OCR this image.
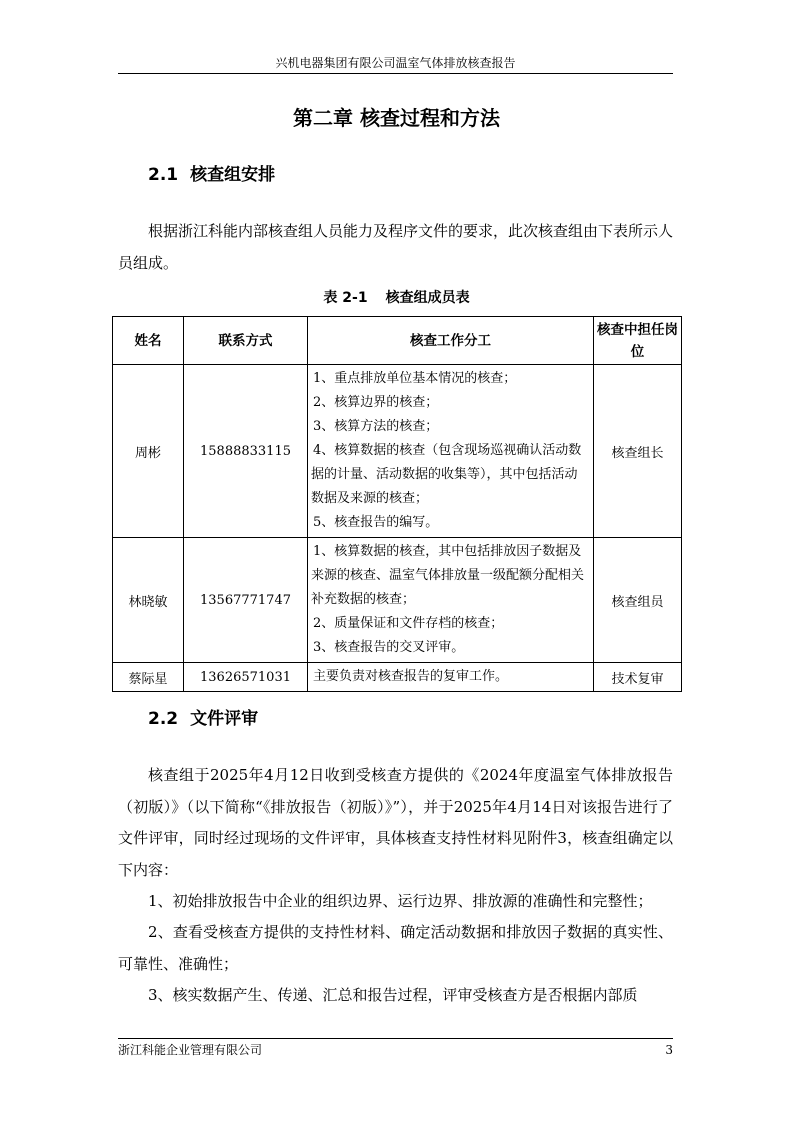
兴机电器集团有限公司温室气体排放核查报告
第二章 核查过程和方法
2.1 核查组安排
根据浙江科能内部核查组人员能力及程序文件的要求，此次核查组由下表所示人员组成。
表 2-1 核查组成员表
姓名	联系方式	核查工作分工	核查中担任岗位
周彬	15888833115	1、重点排放单位基本情况的核查；
2、核算边界的核查；
3、核算方法的核查；
4、核算数据的核查（包含现场巡视确认活动数据的计量、活动数据的收集等），其中包括活动数据及来源的核查；
5、核查报告的编写。	核查组长
林晓敏	13567771747	1、核算数据的核查，其中包括排放因子数据及来源的核查、温室气体排放量一级配额分配相关补充数据的核查；
2、质量保证和文件存档的核查；
3、核查报告的交叉评审。	核查组员
蔡际星	13626571031	主要负责对核查报告的复审工作。	技术复审
2.2 文件评审
核查组于2025年4月12日收到受核查方提供的《2024年度温室气体排放报告（初版）》（以下简称“《排放报告（初版）》”），并于2025年4月14日对该报告进行了文件评审，同时经过现场的文件评审，具体核查支持性材料见附件3，核查组确定以下内容：
1、初始排放报告中企业的组织边界、运行边界、排放源的准确性和完整性；
2、查看受核查方提供的支持性材料、确定活动数据和排放因子数据的真实性、可靠性、准确性；
3、核实数据产生、传递、汇总和报告过程，评审受核查方是否根据内部质
浙江科能企业管理有限公司	3
